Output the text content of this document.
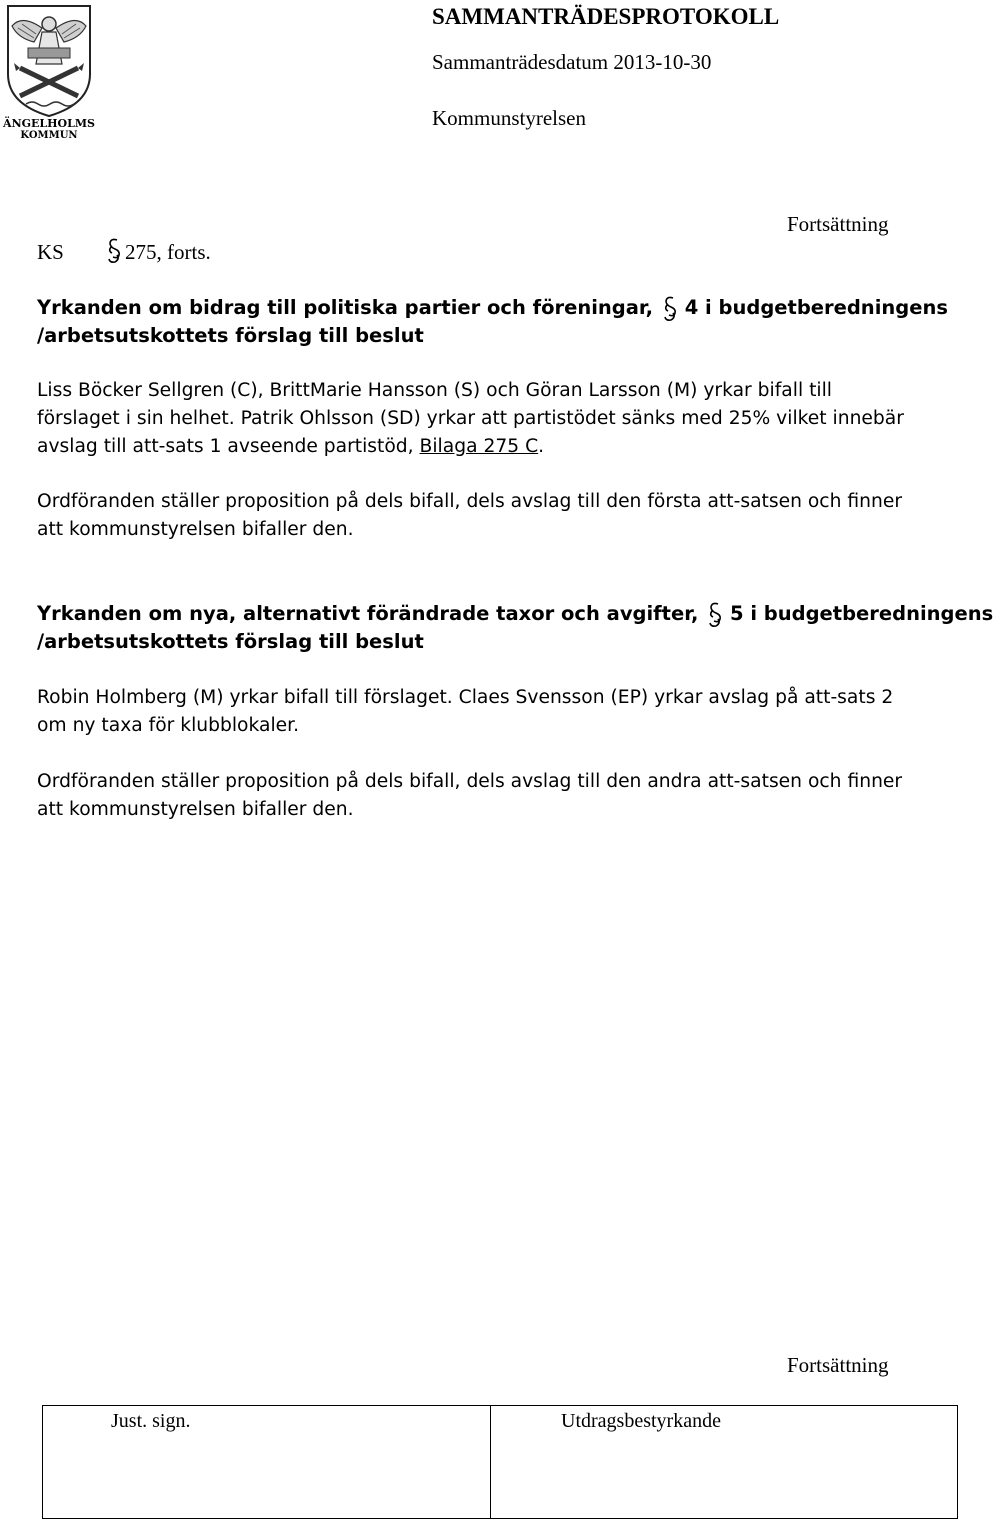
ÄNGELHOLMS
KOMMUN
SAMMANTRÄDESPROTOKOLL
Sammanträdesdatum 2013-10-30
Kommunstyrelsen
Fortsättning
KS	275, forts.
Yrkanden om bidrag till politiska partier och föreningar, 4 i budgetberedningens
/arbetsutskottets förslag till beslut
Liss Böcker Sellgren (C), BrittMarie Hansson (S) och Göran Larsson (M) yrkar bifall till
förslaget i sin helhet. Patrik Ohlsson (SD) yrkar att partistödet sänks med 25% vilket innebär
avslag till att-sats 1 avseende partistöd, Bilaga 275 C.
Ordföranden ställer proposition på dels bifall, dels avslag till den första att-satsen och finner
att kommunstyrelsen bifaller den.
Yrkanden om nya, alternativt förändrade taxor och avgifter, 5 i budgetberedningens
/arbetsutskottets förslag till beslut
Robin Holmberg (M) yrkar bifall till förslaget. Claes Svensson (EP) yrkar avslag på att-sats 2
om ny taxa för klubblokaler.
Ordföranden ställer proposition på dels bifall, dels avslag till den andra att-satsen och finner
att kommunstyrelsen bifaller den.
Fortsättning
Just. sign.	Utdragsbestyrkande
